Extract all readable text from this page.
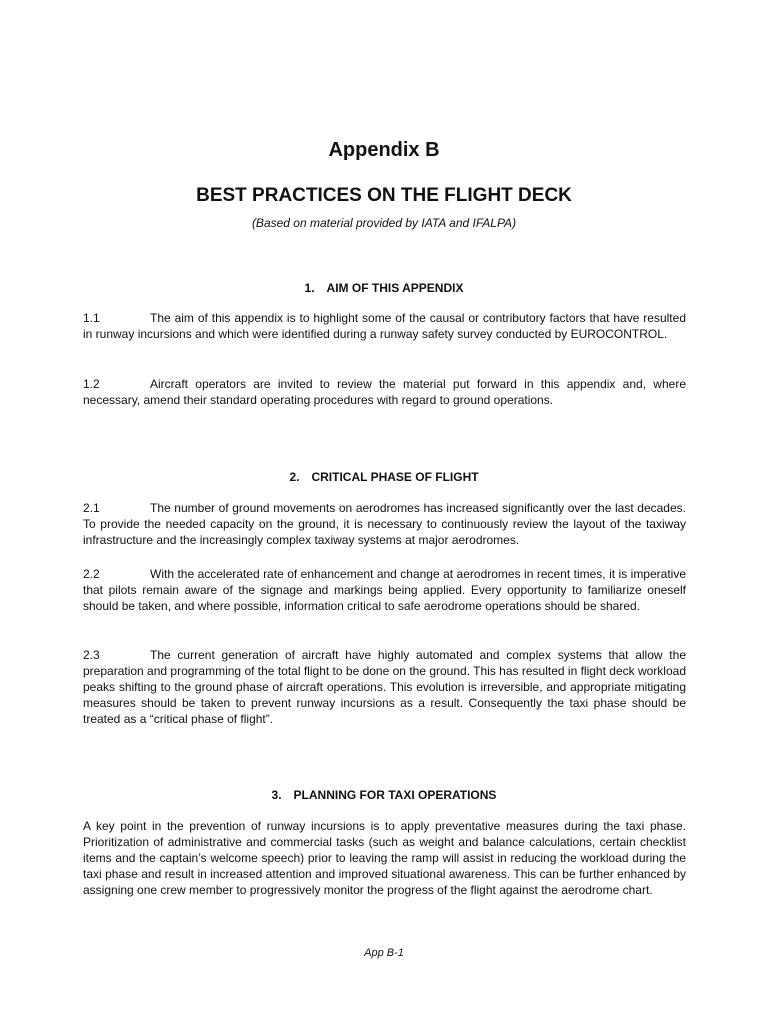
Appendix B
BEST PRACTICES ON THE FLIGHT DECK
(Based on material provided by IATA and IFALPA)
1. AIM OF THIS APPENDIX
1.1	The aim of this appendix is to highlight some of the causal or contributory factors that have resulted in runway incursions and which were identified during a runway safety survey conducted by EUROCONTROL.
1.2	Aircraft operators are invited to review the material put forward in this appendix and, where necessary, amend their standard operating procedures with regard to ground operations.
2. CRITICAL PHASE OF FLIGHT
2.1	The number of ground movements on aerodromes has increased significantly over the last decades. To provide the needed capacity on the ground, it is necessary to continuously review the layout of the taxiway infrastructure and the increasingly complex taxiway systems at major aerodromes.
2.2	With the accelerated rate of enhancement and change at aerodromes in recent times, it is imperative that pilots remain aware of the signage and markings being applied. Every opportunity to familiarize oneself should be taken, and where possible, information critical to safe aerodrome operations should be shared.
2.3	The current generation of aircraft have highly automated and complex systems that allow the preparation and programming of the total flight to be done on the ground. This has resulted in flight deck workload peaks shifting to the ground phase of aircraft operations. This evolution is irreversible, and appropriate mitigating measures should be taken to prevent runway incursions as a result. Consequently the taxi phase should be treated as a “critical phase of flight”.
3. PLANNING FOR TAXI OPERATIONS
A key point in the prevention of runway incursions is to apply preventative measures during the taxi phase. Prioritization of administrative and commercial tasks (such as weight and balance calculations, certain checklist items and the captain’s welcome speech) prior to leaving the ramp will assist in reducing the workload during the taxi phase and result in increased attention and improved situational awareness. This can be further enhanced by assigning one crew member to progressively monitor the progress of the flight against the aerodrome chart.
App B-1
